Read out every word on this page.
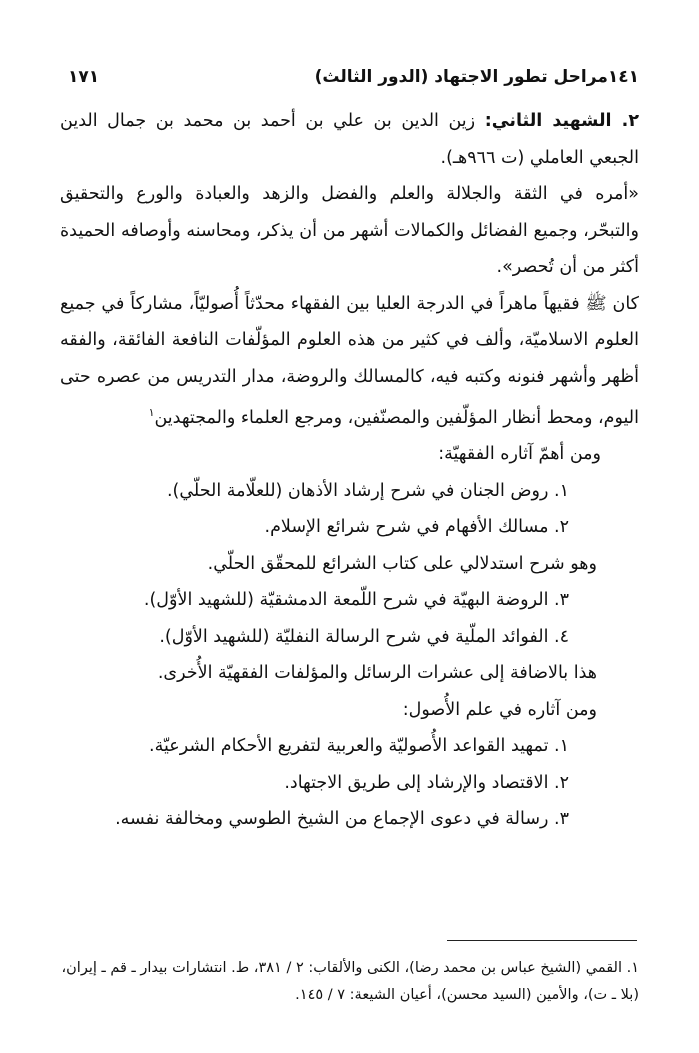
١٤١مراحل تطور الاجتهاد (الدور الثالث)
١٧١

٢. الشهيد الثاني: زين الدين بن علي بن أحمد بن محمد بن جمال الدين الجبعي العاملي (ت ٩٦٦هـ).

«أمره في الثقة والجلالة والعلم والفضل والزهد والعبادة والورع والتحقيق والتبحّر، وجميع الفضائل والكمالات أشهر من أن يذكر، ومحاسنه وأوصافه الحميدة أكثر من أن تُحصر».

كان ﷺ فقيهاً ماهراً في الدرجة العليا بين الفقهاء محدّثاً أُصوليّاً، مشاركاً في جميع العلوم الاسلاميّة، وألف في كثير من هذه العلوم المؤلّفات النافعة الفائقة، والفقه أظهر وأشهر فنونه وكتبه فيه، كالمسالك والروضة، مدار التدريس من عصره حتى اليوم، ومحط أنظار المؤلّفين والمصنّفين، ومرجع العلماء والمجتهدين$^١$

ومن أهمّ آثاره الفقهيّة:

١. روض الجنان في شرح إرشاد الأذهان (للعلّامة الحلّي).

٢. مسالك الأفهام في شرح شرائع الإسلام.

وهو شرح استدلالي على كتاب الشرائع للمحقّق الحلّي.

٣. الروضة البهيّة في شرح اللّمعة الدمشقيّة (للشهيد الأوّل).

٤. الفوائد الملّية في شرح الرسالة النفليّة (للشهيد الأوّل).

هذا بالاضافة إلى عشرات الرسائل والمؤلفات الفقهيّة الأُخرى.

ومن آثاره في علم الأُصول:

١. تمهيد القواعد الأُصوليّة والعربية لتفريع الأحكام الشرعيّة.

٢. الاقتصاد والإرشاد إلى طريق الاجتهاد.

٣. رسالة في دعوى الإجماع من الشيخ الطوسي ومخالفة نفسه.

١. القمي (الشيخ عباس بن محمد رضا)، الكنى والألقاب: ٢ / ٣٨١، ط. انتشارات بيدار ـ قم ـ إيران،

(بلا ـ ت)، والأمين (السيد محسن)، أعيان الشيعة: ٧ / ١٤٥.
